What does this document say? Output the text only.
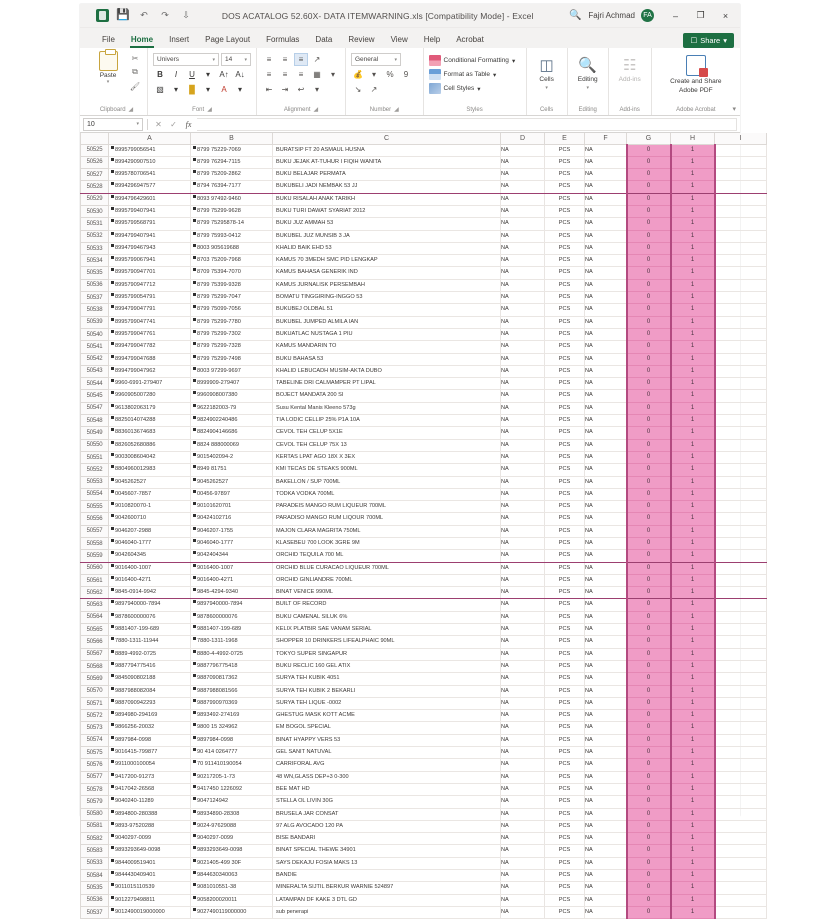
💾	↶	↷	⇩	DOS ACATALOG 52.60X- DATA ITEMWARNING.xls [Compatibility Mode] - Excel	🔍 Fajri Achmad	FA	–	❐	×
File	Home	Insert	Page Layout	Formulas	Data	Review	View	Help	Acrobat	☐ Share ▾
Paste
▾
✂
⧉
🖌
Clipboard ◢
Univers	▾ 14 ▾
B	I	U	▾	A↑ A↓
▧	▾	█	▾	A	▾
Font ◢
≡	≡	≡	↗
≡	≡	≡	▦	▾
⇤	⇥	↩	▾
Alignment ◢
General	▾
💰	▾	%	9
↘	↗
Number ◢
Conditional Formatting ▾
Format as Table ▾
Cell Styles ▾
Styles
◫
Cells
▾
Cells
🔍
Editing
▾
Editing
☷
Add-ins
Add-ins
Create and Share
Adobe PDF
Adobe Acrobat ▾
10	▾	✕	✓	fx
	A	B	C	D	E	F	G	H	I
50525	8995799056541	8799 75229-7069	BURATSIP FT 20 ASMAUL HUSNA	NA	PCS	NA	0	1	
50526	8994290907510	8799 76294-7115	BUKU JEJAK AT-TUHUR I FIQIH WANITA	NA	PCS	NA	0	1	
50527	8995780706541	8799 75209-2862	BUKU BELAJAR PERMATA	NA	PCS	NA	0	1	
50528	8994296947577	8794 76394-7177	BUKUBELI JADI NEMBAK 53 JJ	NA	PCS	NA	0	1	
50529	8994796429601	8093 97492-9460	BUKU RISALAH ANAK TARIKH	NA	PCS	NA	0	1	
50530	8995799407941	8799 75299-9628	BUKU TURI DAWAT SYARIAT 2012	NA	PCS	NA	0	1	
50531	8995799568791	8799 75295878-14	BUKU JUZ AMMAH 53	NA	PCS	NA	0	1	
50532	8994799407941	8799 75993-0412	BUKUBEL JUZ MUNSIB 3 JA	NA	PCS	NA	0	1	
50533	8994799467943	8003 905619688	KHALID BAIK EHD 53	NA	PCS	NA	0	1	
50534	8995799067941	8703 75209-7968	KAMUS 70 3MEDH SMC PID LENGKAP	NA	PCS	NA	0	1	
50535	8995790947701	8709 75394-7070	KAMUS BAHASA GENERIK IND	NA	PCS	NA	0	1	
50536	8995790947712	8799 75399-9328	KAMUS JURNALISK PERSEMBAH	NA	PCS	NA	0	1	
50537	8995799054791	8799 75299-7047	BOMATU TINGGIRING-INGGO 53	NA	PCS	NA	0	1	
50538	8994799047791	8799 75099-7056	BUKUBEJ OLDBAL 51	NA	PCS	NA	0	1	
50539	8995799047741	8799 75299-7780	BUKUBEL JUMPED ALMILA IAN	NA	PCS	NA	0	1	
50540	8995799047761	8799 75299-7302	BUKUATLAC NUSTAGA 1 PIU	NA	PCS	NA	0	1	
50541	8994799047782	8799 75299-7328	KAMUS MANDARIN TO	NA	PCS	NA	0	1	
50542	8994799047688	8799 75299-7498	BUKU BAHASA 53	NA	PCS	NA	0	1	
50543	8994799047962	8003 97299-9697	KHALID LEBUCADH MUSIM-AKTA DUBO	NA	PCS	NA	0	1	
50544	9960-6991-279407	8999909-279407	TABELINE DRI CALMAMPER PT LIPAL	NA	PCS	NA	0	1	
50545	9960905007280	9960908007380	BOJECT MANDATA 200 SI	NA	PCS	NA	0	1	
50547	9613802063179	9622182003-79	Susu Kental Manis Kleeno 573g	NA	PCS	NA	0	1	
50548	8825014074288	9824902240486	TIA LODIC CELLIP 25% P1A 10A	NA	PCS	NA	0	1	
50549	8836013674683	8824904146686	CEVOL TEH CELUP 5X1E	NA	PCS	NA	0	1	
50550	8826052680886	8824 888000069	CEVOL TEH CELUP 75X 13	NA	PCS	NA	0	1	
50551	9003008604042	9015402094-2	KERTAS LPAT AGO 18X X 3EX	NA	PCS	NA	0	1	
50552	8804960012983	8949 81751	KMI TECAS DE STEAKS 900ML	NA	PCS	NA	0	1	
50553	9045262527	9045262527	BAKELLON / SUP 700ML	NA	PCS	NA	0	1	
50554	0045607-7857	00456-97897	TODKA VODKA 700ML	NA	PCS	NA	0	1	
50555	9010820070-1	90101620701	PARADEIS MANGO RUM LIQUEUR 700ML	NA	PCS	NA	0	1	
50556	9042600710	90424102716	PARADISO MANGO RUM LIQOUR 700ML	NA	PCS	NA	0	1	
50557	9046207-2988	9046207-1755	MAJON CLARA MAGRITA 750ML	NA	PCS	NA	0	1	
50558	9046040-1777	9046040-1777	KLASEBEU 700 LOOK 3GRE 9M	NA	PCS	NA	0	1	
50559	9042604345	9042404344	ORCHID TEQUILA 700 ML	NA	PCS	NA	0	1	
50560	9016400-1007	9016400-1007	ORCHID BLUE CURACAO LIQUEUR 700ML	NA	PCS	NA	0	1	
50561	9016400-4271	9016400-4271	ORCHID GINLIANDRE 700ML	NA	PCS	NA	0	1	
50562	9845-0914-9942	9845-4294-9340	BINAT VENICE 990ML	NA	PCS	NA	0	1	
50563	9897940000-7894	9897940000-7894	BUILT OF RECORD	NA	PCS	NA	0	1	
50564	9878600000076	9878600000076	BUKU CAMENAL SILUK 6%	NA	PCS	NA	0	1	
50565	9881407-199-689	9881407-199-689	KELIX PLATBIR SAE VANAM SERIAL	NA	PCS	NA	0	1	
50566	7880-1311-11944	7880-1311-1968	SHOPPER 10 DRINKERS LIFEALPHAIC 90ML	NA	PCS	NA	0	1	
50567	8889-4992-0725	8880-4-4992-0725	TOKYO SUPER SINGAPUR	NA	PCS	NA	0	1	
50568	9887794775416	9887796775418	BUKU RECLIC 160 GEL ATIX	NA	PCS	NA	0	1	
50569	9845090802188	9887090817362	SURYA TEH KUBIK 4051	NA	PCS	NA	0	1	
50570	9887988082084	9887988081566	SURYA TEH KUBIK 2 BEKARLI	NA	PCS	NA	0	1	
50571	9887090942293	9887990970369	SURYA TEH LIQUE -0002	NA	PCS	NA	0	1	
50572	9894980-294169	9893492-274169	GHESTUG MASK KOTT ACME	NA	PCS	NA	0	1	
50573	9866256-20032	9800 15 324962	EM BOGOL SPECIAL	NA	PCS	NA	0	1	
50574	9897984-0998	9897984-0998	BINAT HYAPPY VERS 53	NA	PCS	NA	0	1	
50575	9016415-799877	90 414 0264777	GEL SANIT NATUVAL	NA	PCS	NA	0	1	
50576	9911000100054	70 911410190054	CARRIFORAL AVG	NA	PCS	NA	0	1	
50577	9417200-91273	90217205-1-73	48 WN,GLASS DEP+3 0-300	NA	PCS	NA	0	1	
50578	9417042-26568	9417450 1226092	BEE MAT HD	NA	PCS	NA	0	1	
50579	9040240-11289	9047124942	STELLA OL LIVIN 30G	NA	PCS	NA	0	1	
50580	9894800-280388	98934890-28308	BRUSELA JAR CONSAT	NA	PCS	NA	0	1	
50581	9893-97520288	9024-97629088	97 ALG AVOCADO 120 PA	NA	PCS	NA	0	1	
50582	9040297-0099	9040297-0099	BISE BANDARI	NA	PCS	NA	0	1	
50583	9893293649-0098	9893293649-0098	BINAT SPECIAL THEWE 34901	NA	PCS	NA	0	1	
50533	9844009519401	9021405-499 30F	SAYS DEKAJU FOSIA MAKS 13	NA	PCS	NA	0	1	
50584	9844430409401	9844630340063	BANDIE	NA	PCS	NA	0	1	
50535	9011015110539	9081010551-38	MINERALTA SIJTIL BERKUR WARNIE 524897	NA	PCS	NA	0	1	
50536	9012279498811	9058200020011	LATAMPAN DF KAKE 3 DTL GD	NA	PCS	NA	0	1	
50537	9012490019000000	9027490119000000	sub penerapi	NA	PCS	NA	0	1	
